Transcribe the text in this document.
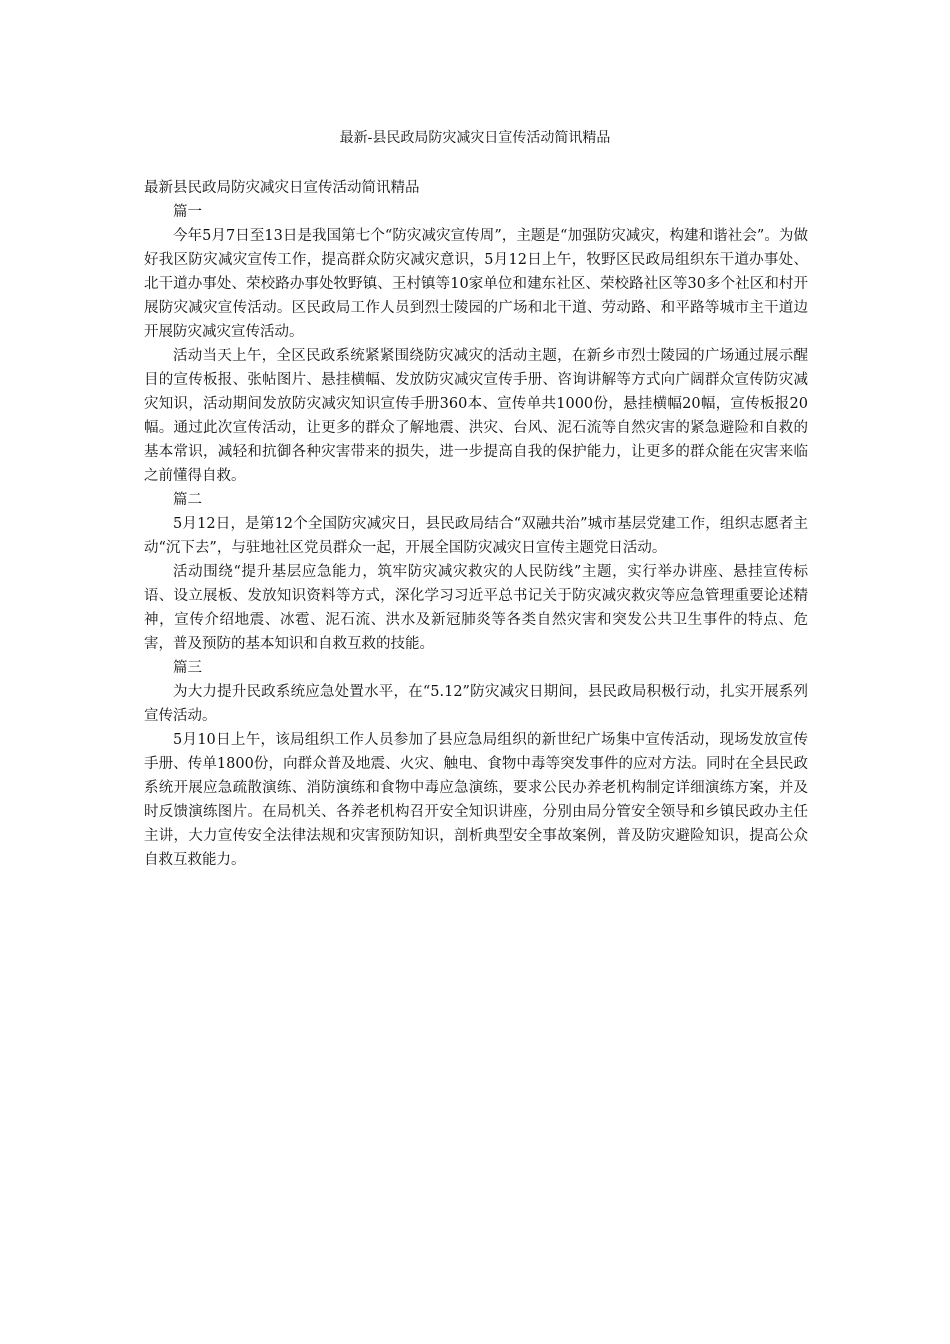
最新-县民政局防灾减灾日宣传活动简讯精品

最新县民政局防灾减灾日宣传活动简讯精品

篇一

今年5月7日至13日是我国第七个“防灾减灾宣传周”，主题是“加强防灾减灾，构建和谐社会”。为做好我区防灾减灾宣传工作，提高群众防灾减灾意识，5月12日上午，牧野区民政局组织东干道办事处、北干道办事处、荣校路办事处牧野镇、王村镇等10家单位和建东社区、荣校路社区等30多个社区和村开展防灾减灾宣传活动。区民政局工作人员到烈士陵园的广场和北干道、劳动路、和平路等城市主干道边开展防灾减灾宣传活动。

活动当天上午，全区民政系统紧紧围绕防灾减灾的活动主题，在新乡市烈士陵园的广场通过展示醒目的宣传板报、张帖图片、悬挂横幅、发放防灾减灾宣传手册、咨询讲解等方式向广阔群众宣传防灾减灾知识，活动期间发放防灾减灾知识宣传手册360本、宣传单共1000份，悬挂横幅20幅，宣传板报20幅。通过此次宣传活动，让更多的群众了解地震、洪灾、台风、泥石流等自然灾害的紧急避险和自救的基本常识，减轻和抗御各种灾害带来的损失，进一步提高自我的保护能力，让更多的群众能在灾害来临之前懂得自救。

篇二

5月12日，是第12个全国防灾减灾日，县民政局结合“双融共治”城市基层党建工作，组织志愿者主动“沉下去”，与驻地社区党员群众一起，开展全国防灾减灾日宣传主题党日活动。

活动围绕“提升基层应急能力，筑牢防灾减灾救灾的人民防线”主题，实行举办讲座、悬挂宣传标语、设立展板、发放知识资料等方式，深化学习习近平总书记关于防灾减灾救灾等应急管理重要论述精神，宣传介绍地震、冰雹、泥石流、洪水及新冠肺炎等各类自然灾害和突发公共卫生事件的特点、危害，普及预防的基本知识和自救互救的技能。

篇三

为大力提升民政系统应急处置水平，在“5.12”防灾减灾日期间，县民政局积极行动，扎实开展系列宣传活动。

5月10日上午，该局组织工作人员参加了县应急局组织的新世纪广场集中宣传活动，现场发放宣传手册、传单1800份，向群众普及地震、火灾、触电、食物中毒等突发事件的应对方法。同时在全县民政系统开展应急疏散演练、消防演练和食物中毒应急演练，要求公民办养老机构制定详细演练方案，并及时反馈演练图片。在局机关、各养老机构召开安全知识讲座，分别由局分管安全领导和乡镇民政办主任主讲，大力宣传安全法律法规和灾害预防知识，剖析典型安全事故案例，普及防灾避险知识，提高公众自救互救能力。
